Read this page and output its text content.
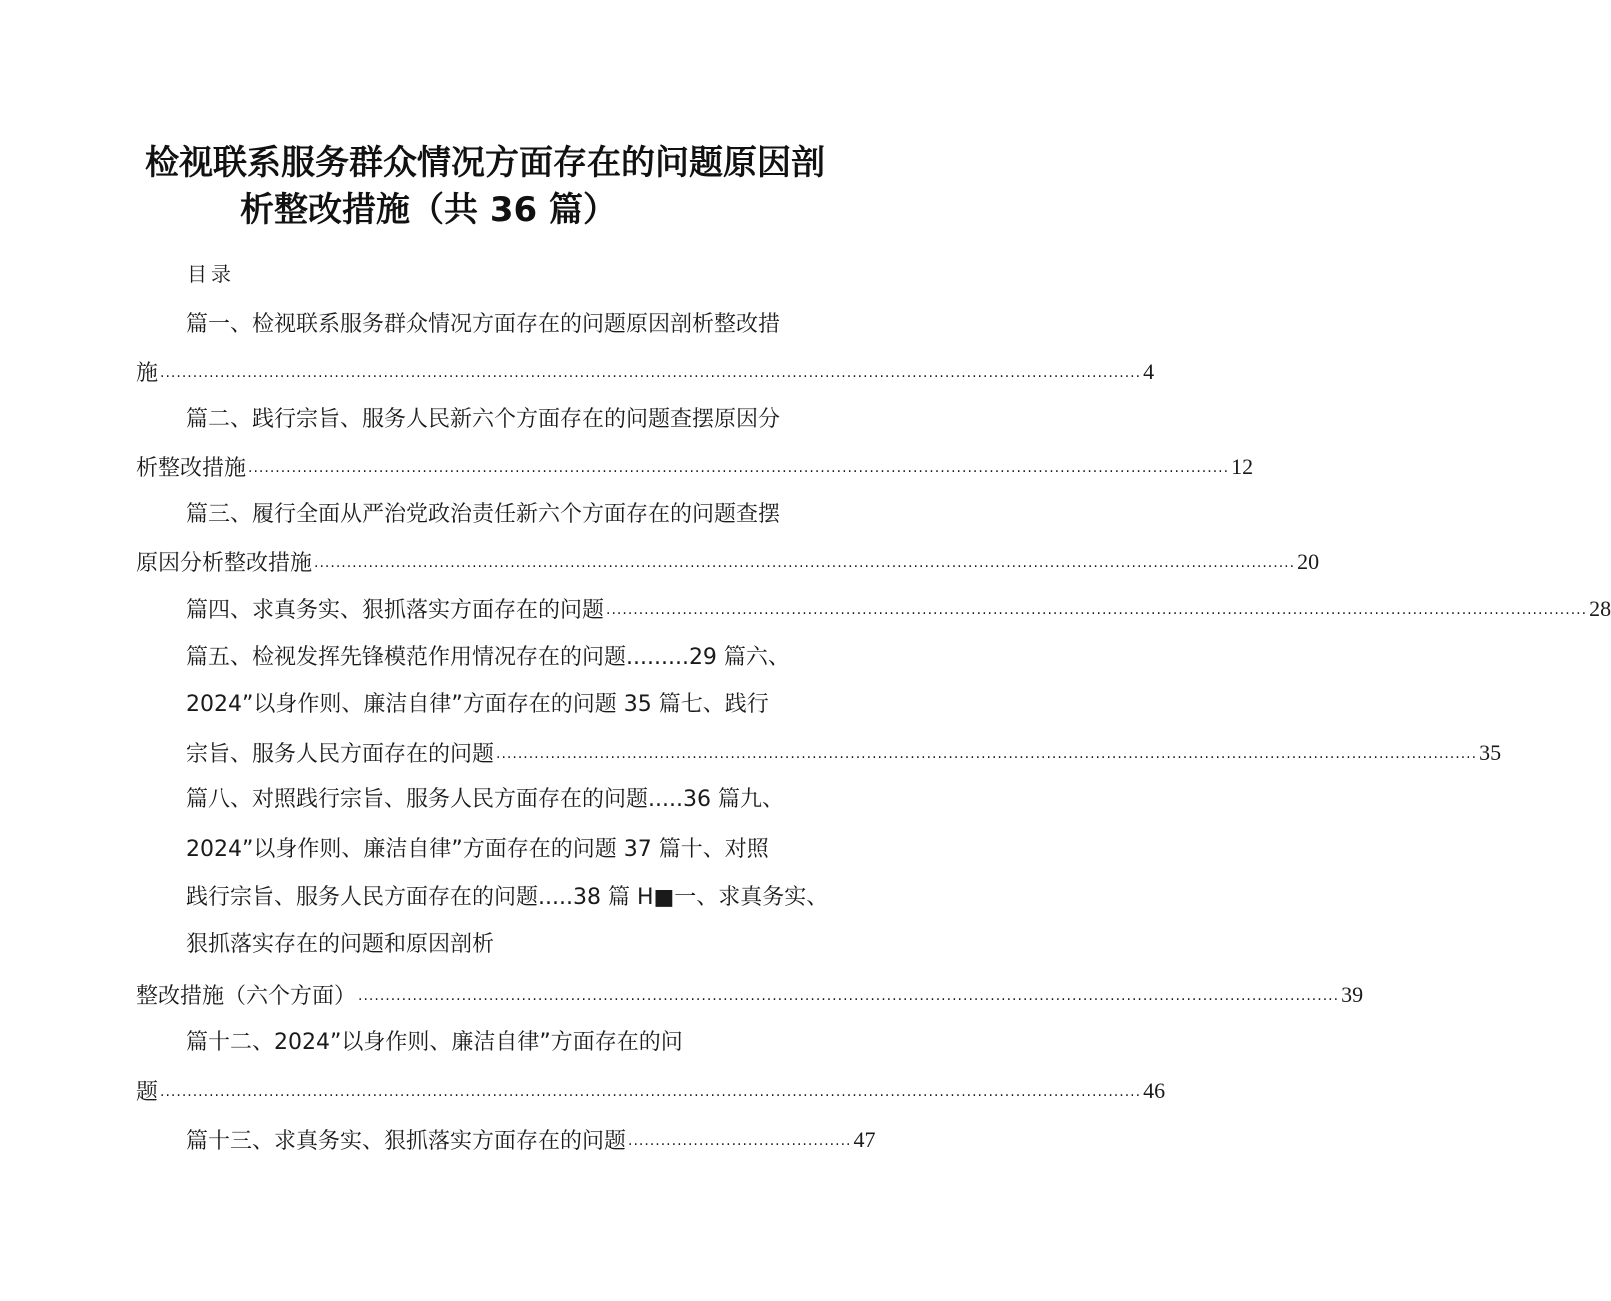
检视联系服务群众情况方面存在的问题原因剖
析整改措施（共 36 篇）
目录
篇一、检视联系服务群众情况方面存在的问题原因剖析整改措
施 .................................................................................................................................................................................... 4
篇二、践行宗旨、服务人民新六个方面存在的问题查摆原因分
析整改措施 .................................................................................................................................................................................... 12
篇三、履行全面从严治党政治责任新六个方面存在的问题查摆
原因分析整改措施 .................................................................................................................................................................................... 20
篇四、求真务实、狠抓落实方面存在的问题 .................................................................................................................................................................................... 28
篇五、检视发挥先锋模范作用情况存在的问题.........29 篇六、
2024”以身作则、廉洁自律”方面存在的问题 35 篇七、践行
宗旨、服务人民方面存在的问题 .................................................................................................................................................................................... 35
篇八、对照践行宗旨、服务人民方面存在的问题.....36 篇九、
2024”以身作则、廉洁自律”方面存在的问题 37 篇十、对照
践行宗旨、服务人民方面存在的问题.....38 篇 H■一、求真务实、
狠抓落实存在的问题和原因剖析
整改措施（六个方面） .................................................................................................................................................................................... 39
篇十二、2024”以身作则、廉洁自律”方面存在的问
题 .................................................................................................................................................................................... 46
篇十三、求真务实、狠抓落实方面存在的问题 ......................................... 47
